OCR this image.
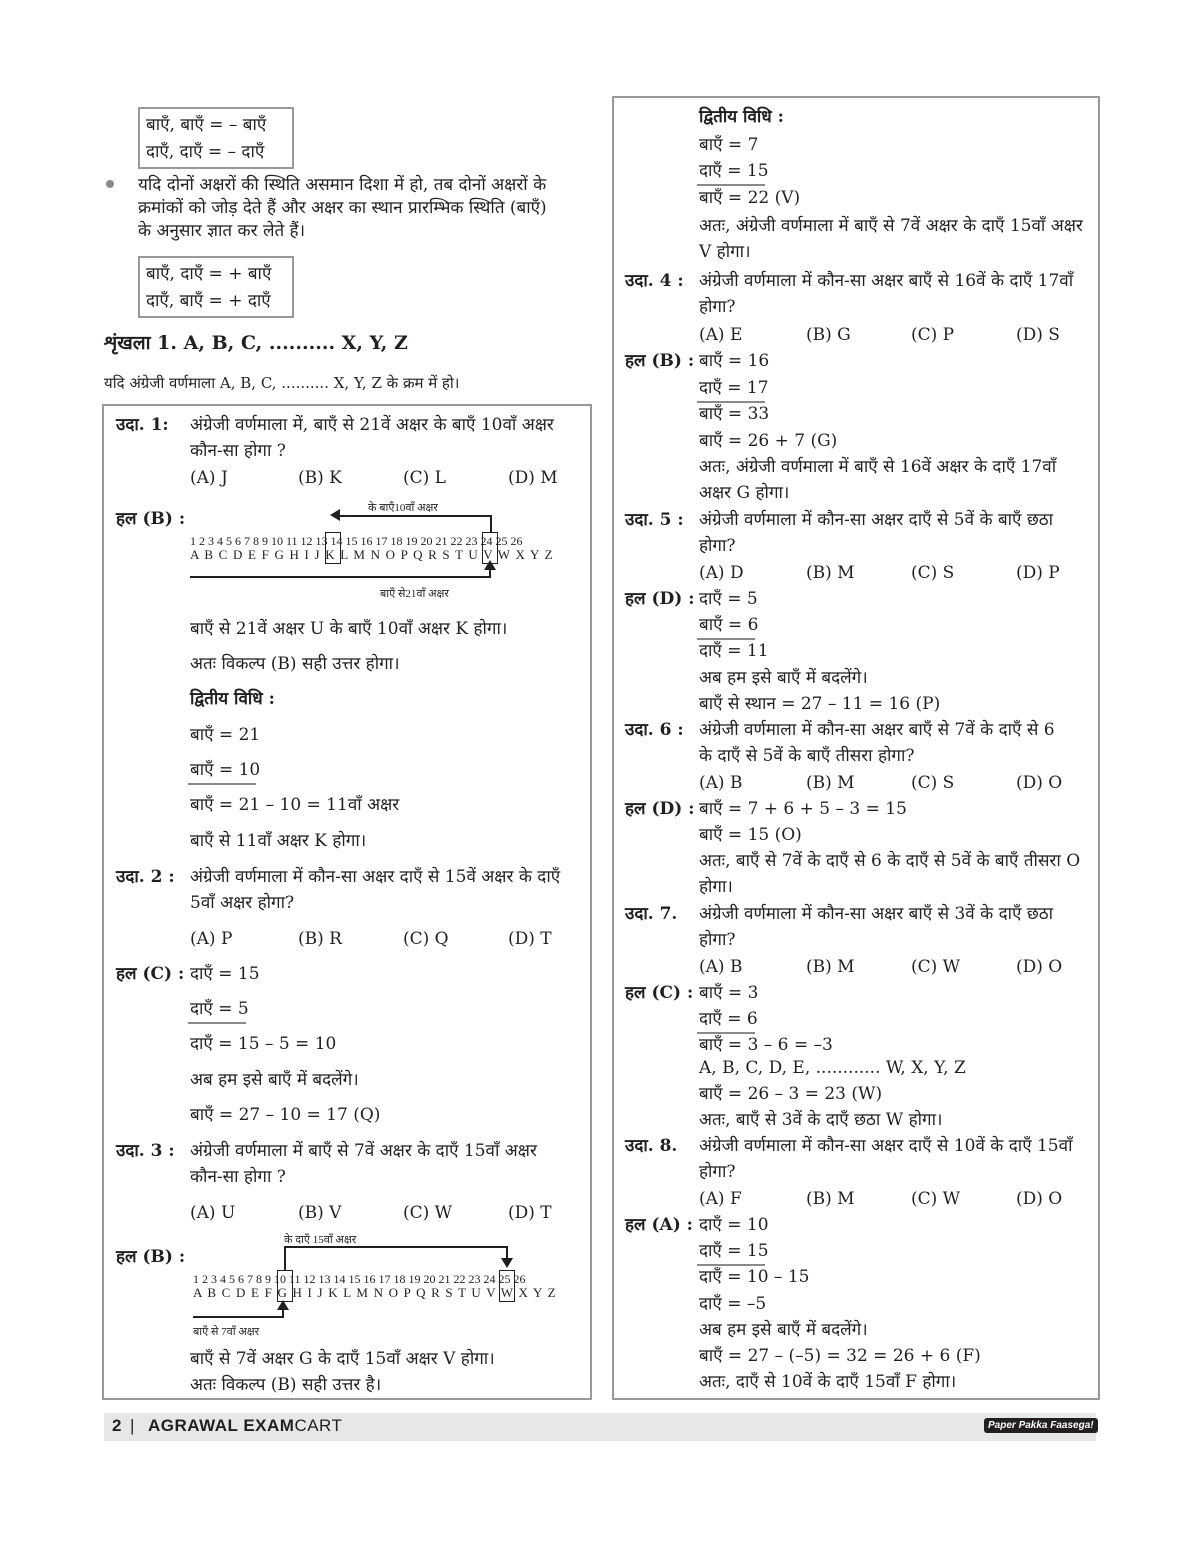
बाएँ, बाएँ = – बाएँ
दाएँ, दाएँ = – दाएँ
यदि दोनों अक्षरों की स्थिति असमान दिशा में हो, तब दोनों अक्षरों के
क्रमांकों को जोड़ देते हैं और अक्षर का स्थान प्रारम्भिक स्थिति (बाएँ)
के अनुसार ज्ञात कर लेते हैं।
बाएँ, दाएँ = + बाएँ
दाएँ, बाएँ = + दाएँ
शृंखला 1. A, B, C, .......... X, Y, Z
यदि अंग्रेजी वर्णमाला A, B, C, .......... X, Y, Z के क्रम में हो।
उदा. 1: अंग्रेजी वर्णमाला में, बाएँ से 21वें अक्षर के बाएँ 10वाँ अक्षर
कौन-सा होगा ?
(A) J	(B) K	(C) L	(D) M
हल (B) :
के बाएँ10वाँ अक्षर
1 2 3 4 5 6 7 8 9 10 11 12 13 14 15 16 17 18 19 20 21 22 23 24 25 26
A B C D E F G H I J K L M N O P Q R S T U V W X Y Z
बाएँ से21वाँ अक्षर
बाएँ से 21वें अक्षर U के बाएँ 10वाँ अक्षर K होगा।
अतः विकल्प (B) सही उत्तर होगा।
द्वितीय विधि :
बाएँ = 21
बाएँ = 10
बाएँ = 21 – 10 = 11वाँ अक्षर
बाएँ से 11वाँ अक्षर K होगा।
उदा. 2 : अंग्रेजी वर्णमाला में कौन-सा अक्षर दाएँ से 15वें अक्षर के दाएँ
5वाँ अक्षर होगा?
(A) P	(B) R	(C) Q	(D) T
हल (C) : दाएँ = 15
दाएँ = 5
दाएँ = 15 – 5 = 10
अब हम इसे बाएँ में बदलेंगे।
बाएँ = 27 – 10 = 17 (Q)
उदा. 3 : अंग्रेजी वर्णमाला में बाएँ से 7वें अक्षर के दाएँ 15वाँ अक्षर
कौन-सा होगा ?
(A) U	(B) V	(C) W	(D) T
हल (B) :
के दाएँ 15वाँ अक्षर
1 2 3 4 5 6 7 8 9 10 11 12 13 14 15 16 17 18 19 20 21 22 23 24 25 26
A B C D E F G H I J K L M N O P Q R S T U V W X Y Z
बाएँ से 7वाँ अक्षर
बाएँ से 7वें अक्षर G के दाएँ 15वाँ अक्षर V होगा।
अतः विकल्प (B) सही उत्तर है।
द्वितीय विधि :
बाएँ = 7
दाएँ = 15
बाएँ = 22 (V)
अतः, अंग्रेजी वर्णमाला में बाएँ से 7वें अक्षर के दाएँ 15वाँ अक्षर
V होगा।
उदा. 4 : अंग्रेजी वर्णमाला में कौन-सा अक्षर बाएँ से 16वें के दाएँ 17वाँ
होगा?
(A) E	(B) G	(C) P	(D) S
हल (B) : बाएँ = 16
दाएँ = 17
बाएँ = 33
बाएँ = 26 + 7 (G)
अतः, अंग्रेजी वर्णमाला में बाएँ से 16वें अक्षर के दाएँ 17वाँ
अक्षर G होगा।
उदा. 5 : अंग्रेजी वर्णमाला में कौन-सा अक्षर दाएँ से 5वें के बाएँ छठा
होगा?
(A) D	(B) M	(C) S	(D) P
हल (D) : दाएँ = 5
बाएँ = 6
दाएँ = 11
अब हम इसे बाएँ में बदलेंगे।
बाएँ से स्थान = 27 – 11 = 16 (P)
उदा. 6 : अंग्रेजी वर्णमाला में कौन-सा अक्षर बाएँ से 7वें के दाएँ से 6
के दाएँ से 5वें के बाएँ तीसरा होगा?
(A) B	(B) M	(C) S	(D) O
हल (D) : बाएँ = 7 + 6 + 5 – 3 = 15
बाएँ = 15 (O)
अतः, बाएँ से 7वें के दाएँ से 6 के दाएँ से 5वें के बाएँ तीसरा O
होगा।
उदा. 7. अंग्रेजी वर्णमाला में कौन-सा अक्षर बाएँ से 3वें के दाएँ छठा
होगा?
(A) B	(B) M	(C) W	(D) O
हल (C) : बाएँ = 3
दाएँ = 6
बाएँ = 3 – 6 = –3
A, B, C, D, E, ............ W, X, Y, Z
बाएँ = 26 – 3 = 23 (W)
अतः, बाएँ से 3वें के दाएँ छठा W होगा।
उदा. 8. अंग्रेजी वर्णमाला में कौन-सा अक्षर दाएँ से 10वें के दाएँ 15वाँ
होगा?
(A) F	(B) M	(C) W	(D) O
हल (A) : दाएँ = 10
दाएँ = 15
दाएँ = 10 – 15
दाएँ = –5
अब हम इसे बाएँ में बदलेंगे।
बाएँ = 27 – (–5) = 32 = 26 + 6 (F)
अतः, दाएँ से 10वें के दाएँ 15वाँ F होगा।
2 | AGRAWAL EXAMCART	Paper Pakka Faasega!
